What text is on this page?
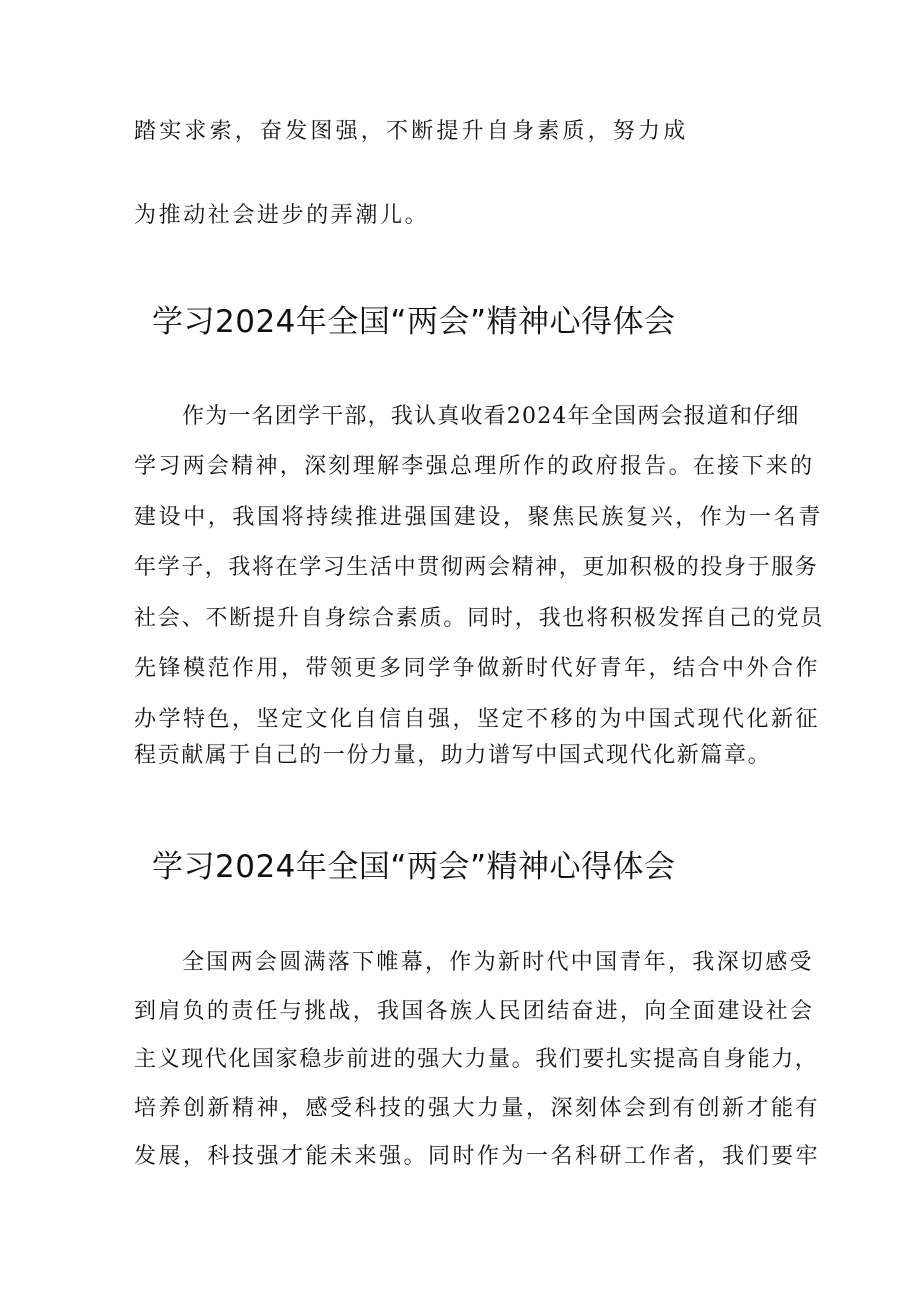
踏实求索，奋发图强，不断提升自身素质，努力成
为推动社会进步的弄潮儿。
学习2024年全国“两会”精神心得体会
作为一名团学干部，我认真收看2024年全国两会报道和仔细
学习两会精神，深刻理解李强总理所作的政府报告。在接下来的
建设中，我国将持续推进强国建设，聚焦民族复兴，作为一名青
年学子，我将在学习生活中贯彻两会精神，更加积极的投身于服务
社会、不断提升自身综合素质。同时，我也将积极发挥自己的党员
先锋模范作用，带领更多同学争做新时代好青年，结合中外合作
办学特色，坚定文化自信自强，坚定不移的为中国式现代化新征
程贡献属于自己的一份力量，助力谱写中国式现代化新篇章。
学习2024年全国“两会”精神心得体会
全国两会圆满落下帷幕，作为新时代中国青年，我深切感受
到肩负的责任与挑战，我国各族人民团结奋进，向全面建设社会
主义现代化国家稳步前进的强大力量。我们要扎实提高自身能力，
培养创新精神，感受科技的强大力量，深刻体会到有创新才能有
发展，科技强才能未来强。同时作为一名科研工作者，我们要牢
